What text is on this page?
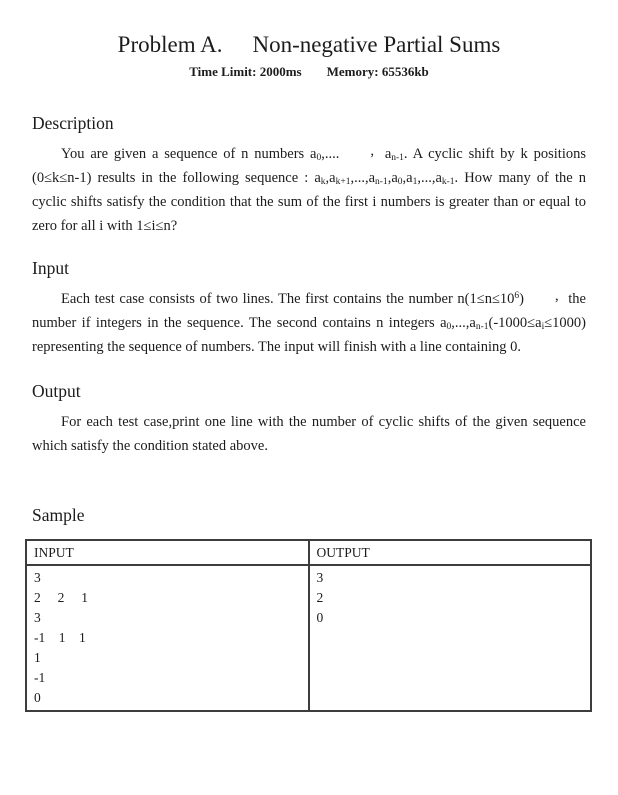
Problem A. Non-negative Partial Sums
Time Limit: 2000ms Memory: 65536kb
Description

You are given a sequence of n numbers $a_0$,.... , $a_{n-1}$. A cyclic shift by k positions (0≤k≤n-1) results in the following sequence : $a_k,a_{k+1},...,a_{n-1},a_0,a_1,...,a_{k-1}$. How many of the n cyclic shifts satisfy the condition that the sum of the first i numbers is greater than or equal to zero for all i with 1≤i≤n?

Input

Each test case consists of two lines. The first contains the number $n(1\le n\le 10^6)$ , the number if integers in the sequence. The second contains n integers $a_0,...,a_{n-1}(-1000\le a_i\le 1000)$ representing the sequence of numbers. The input will finish with a line containing 0.

Output

For each test case,print one line with the number of cyclic shifts of the given sequence which satisfy the condition stated above.

Sample
INPUT	OUTPUT

3
2     2     1
3
-1    1    1
1
-1
0

3
2
0
